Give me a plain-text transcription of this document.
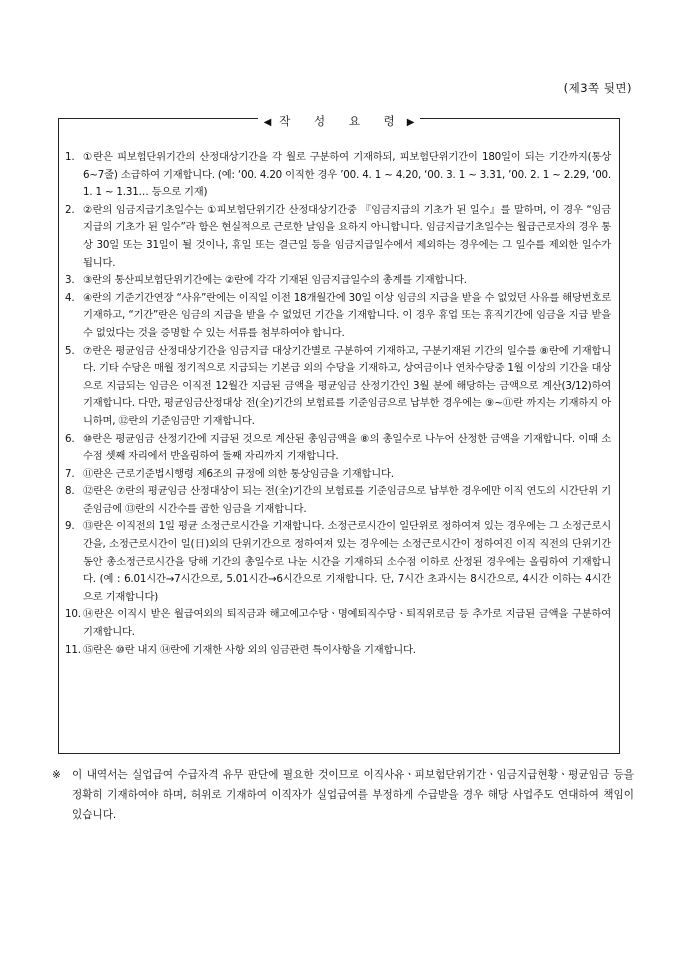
(제3쪽 뒷면)
◀ 작 성 요 령 ▶
1. ①란은 피보험단위기간의 산정대상기간을 각 월로 구분하여 기재하되, 피보험단위기간이 180일이 되는 기간까지(통상 6~7줄) 소급하여 기재합니다. (예: ‘00. 4.20 이직한 경우 ’00. 4. 1 ~ 4.20, ‘00. 3. 1 ~ 3.31, ’00. 2. 1 ~ 2.29, ‘00. 1. 1 ~ 1.31… 등으로 기재)
2. ②란의 임금지급기초일수는 ①피보험단위기간 산정대상기간중 『임금지급의 기초가 된 일수』를 말하며, 이 경우 “임금지급의 기초가 된 일수”라 함은 현실적으로 근로한 날임을 요하지 아니합니다. 임금지급기초일수는 월급근로자의 경우 통상 30일 또는 31일이 될 것이나, 휴일 또는 결근일 등을 임금지급일수에서 제외하는 경우에는 그 일수를 제외한 일수가 됩니다.
3. ③란의 통산피보험단위기간에는 ②란에 각각 기재된 임금지급일수의 총계를 기재합니다.
4. ④란의 기준기간연장 “사유”란에는 이직일 이전 18개월간에 30일 이상 임금의 지급을 받을 수 없었던 사유를 해당번호로 기재하고, “기간”란은 임금의 지급을 받을 수 없었던 기간을 기재합니다. 이 경우 휴업 또는 휴직기간에 임금을 지급 받을 수 없었다는 것을 증명할 수 있는 서류를 첨부하여야 합니다.
5. ⑦란은 평균임금 산정대상기간을 임금지급 대상기간별로 구분하여 기재하고, 구분기재된 기간의 일수를 ⑧란에 기재합니다. 기타 수당은 매월 정기적으로 지급되는 기본급 외의 수당을 기재하고, 상여금이나 연차수당중 1월 이상의 기간을 대상으로 지급되는 임금은 이직전 12월간 지급된 금액을 평균임금 산정기간인 3월 분에 해당하는 금액으로 계산(3/12)하여 기재합니다. 다만, 평균임금산정대상 전(全)기간의 보험료를 기준임금으로 납부한 경우에는 ⑨~⑪란 까지는 기재하지 아니하며, ⑫란의 기준임금만 기재합니다.
6. ⑩란은 평균임금 산정기간에 지급된 것으로 계산된 총임금액을 ⑧의 총일수로 나누어 산정한 금액을 기재합니다. 이때 소수점 셋째 자리에서 반올림하여 둘째 자리까지 기재합니다.
7. ⑪란은 근로기준법시행령 제6조의 규정에 의한 통상임금을 기재합니다.
8. ⑫란은 ⑦란의 평균임금 산정대상이 되는 전(全)기간의 보험료를 기준임금으로 납부한 경우에만 이직 연도의 시간단위 기준임금에 ⑬란의 시간수를 곱한 임금을 기재합니다.
9. ⑬란은 이직전의 1일 평균 소정근로시간을 기재합니다. 소정근로시간이 일단위로 정하여져 있는 경우에는 그 소정근로시간을, 소정근로시간이 일(日)외의 단위기간으로 정하여져 있는 경우에는 소정근로시간이 정하여진 이직 직전의 단위기간 동안 총소정근로시간을 당해 기간의 총일수로 나눈 시간을 기재하되 소수점 이하로 산정된 경우에는 올림하여 기재합니다. (예 : 6.01시간→7시간으로, 5.01시간→6시간으로 기재합니다. 단, 7시간 초과시는 8시간으로, 4시간 이하는 4시간으로 기재합니다)
10. ⑭란은 이직시 받은 월급여외의 퇴직금과 해고예고수당ㆍ명예퇴직수당ㆍ퇴직위로금 등 추가로 지급된 금액을 구분하여 기재합니다.
11. ⑮란은 ⑩란 내지 ⑭란에 기재한 사항 외의 임금관련 특이사항을 기재합니다.
※ 이 내역서는 실업급여 수급자격 유무 판단에 필요한 것이므로 이직사유ㆍ피보험단위기간ㆍ임금지급현황ㆍ평균임금 등을 정확히 기재하여야 하며, 허위로 기재하여 이직자가 실업급여를 부정하게 수급받을 경우 해당 사업주도 연대하여 책임이 있습니다.
